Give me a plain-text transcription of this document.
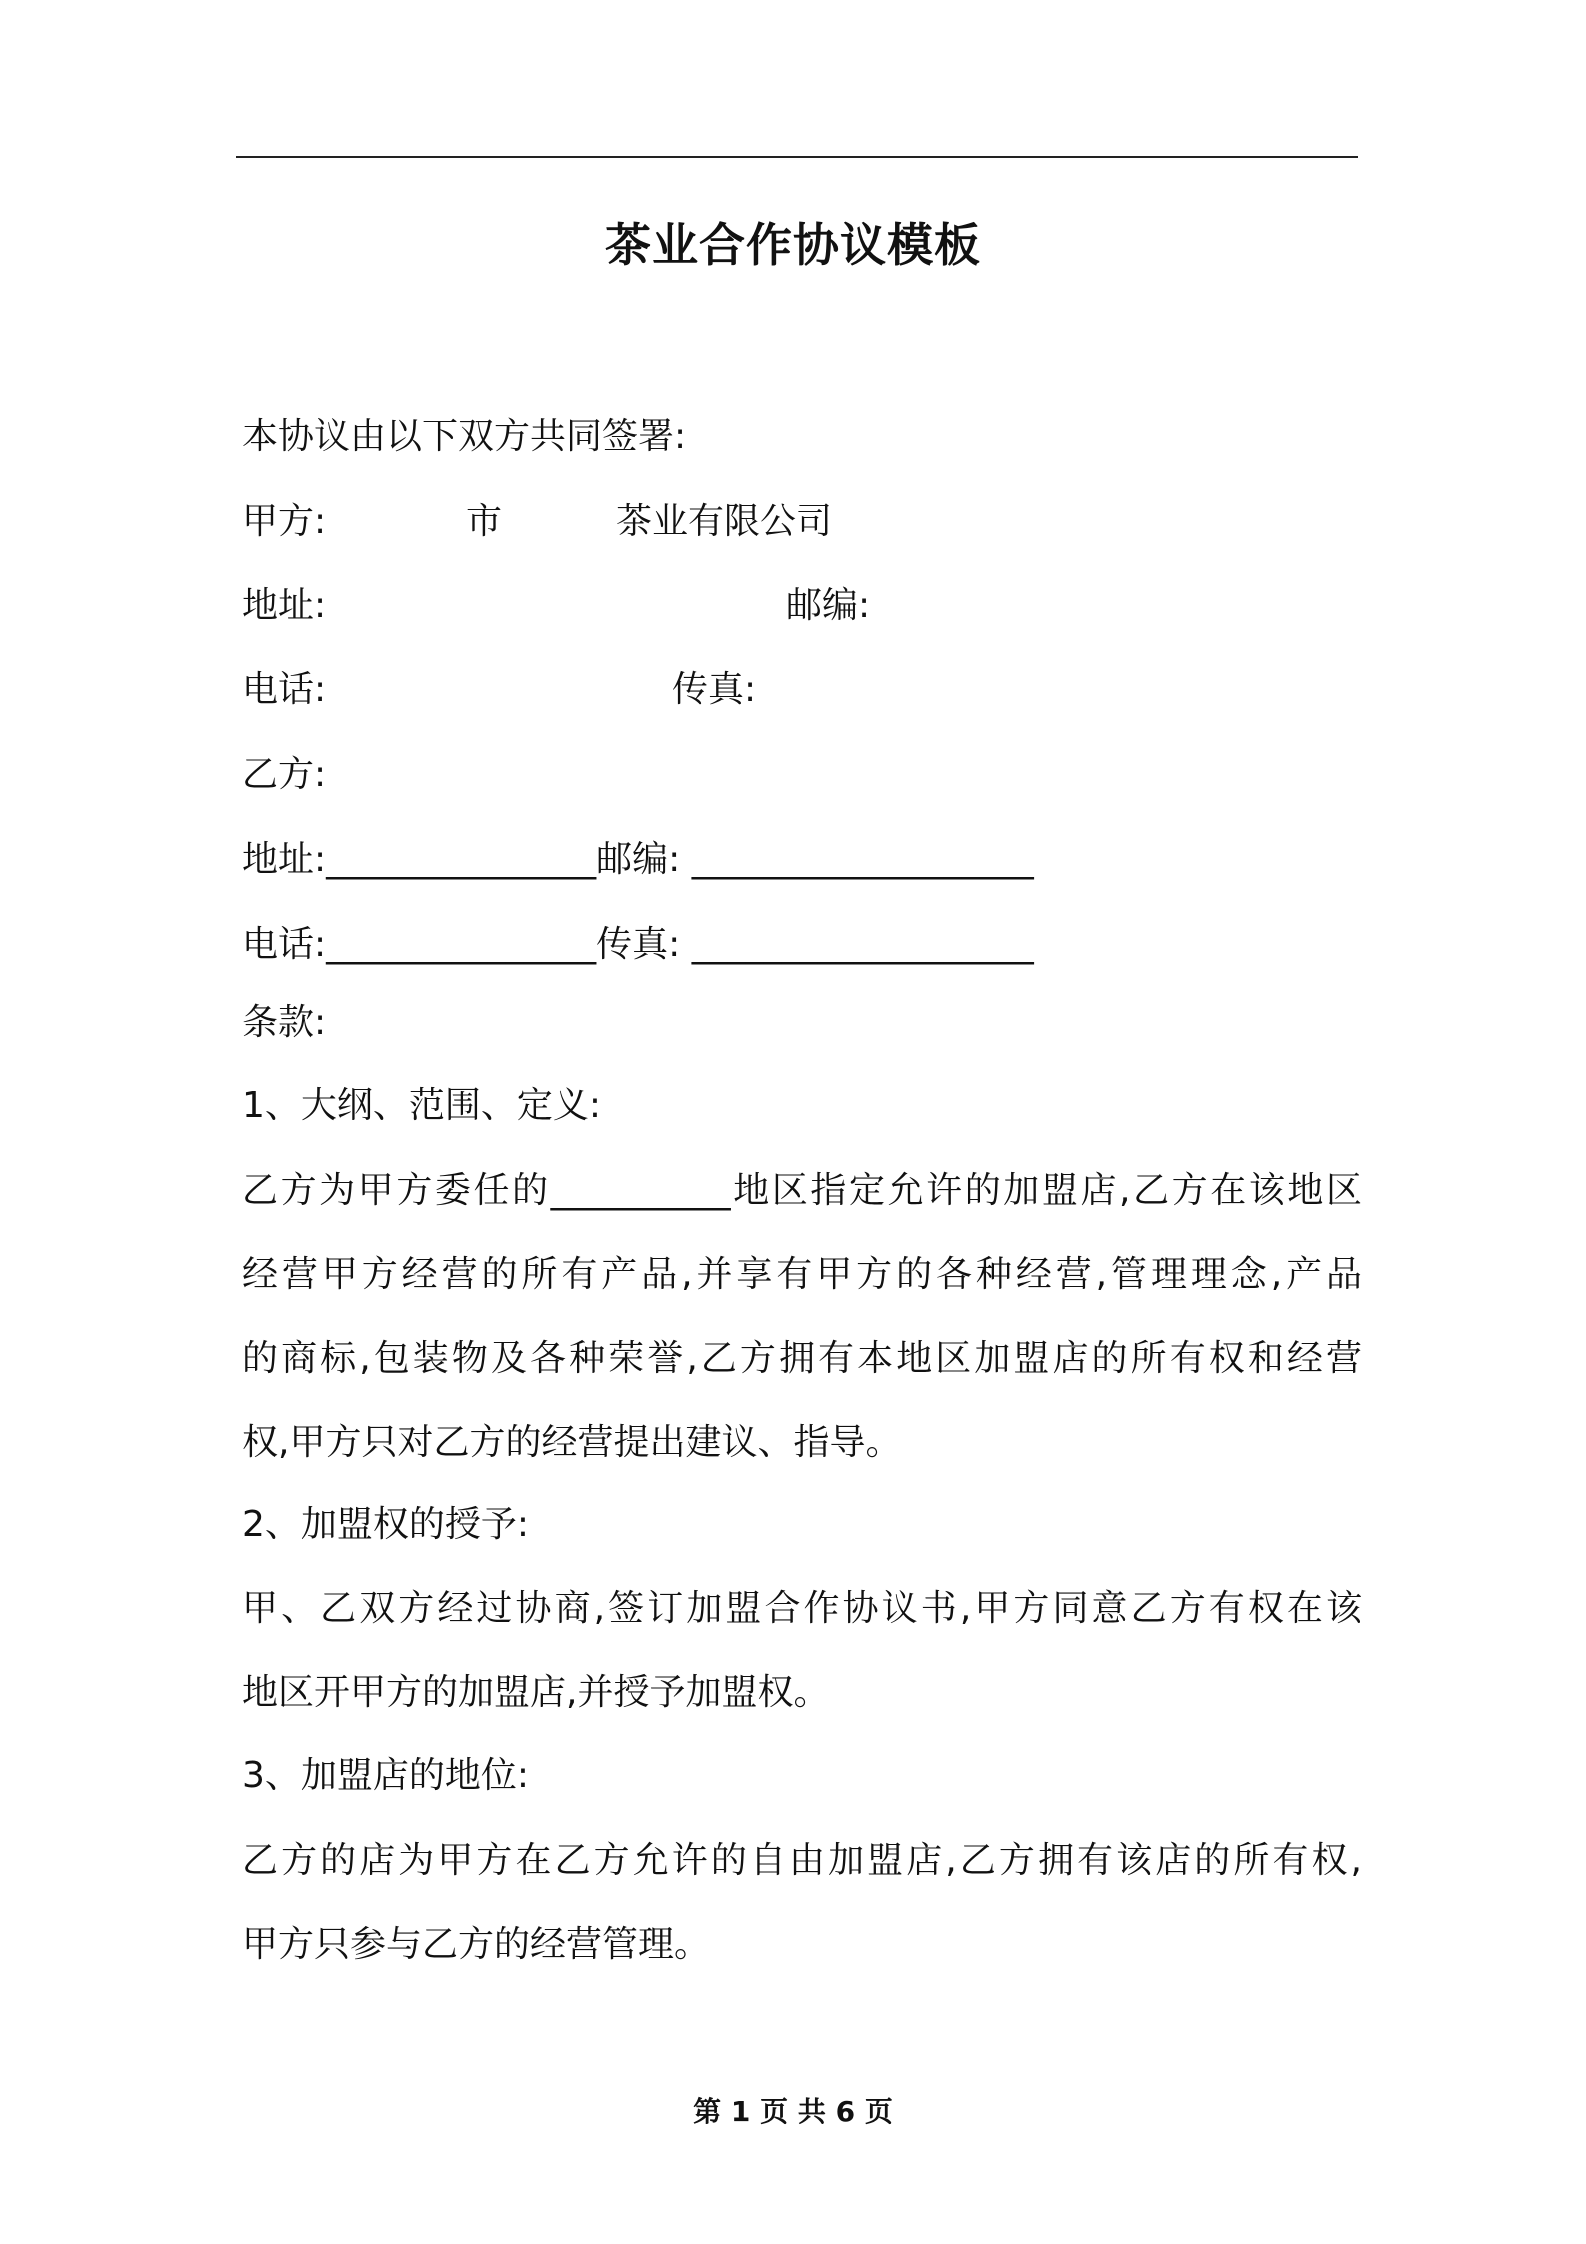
茶业合作协议模板
本协议由以下双方共同签署:
甲方:	市	茶业有限公司
地址:	邮编:
电话:	传真:
乙方:
地址:_______________邮编: ___________________
电话:_______________传真: ___________________
条款:
1、大纲、范围、定义:
乙方为甲方委任的__________地区指定允许的加盟店,乙方在该地区
经营甲方经营的所有产品,并享有甲方的各种经营,管理理念,产品
的商标,包装物及各种荣誉,乙方拥有本地区加盟店的所有权和经营
权,甲方只对乙方的经营提出建议、指导。
2、加盟权的授予:
甲、乙双方经过协商,签订加盟合作协议书,甲方同意乙方有权在该
地区开甲方的加盟店,并授予加盟权。
3、加盟店的地位:
乙方的店为甲方在乙方允许的自由加盟店,乙方拥有该店的所有权,
甲方只参与乙方的经营管理。
第 1 页 共 6 页
